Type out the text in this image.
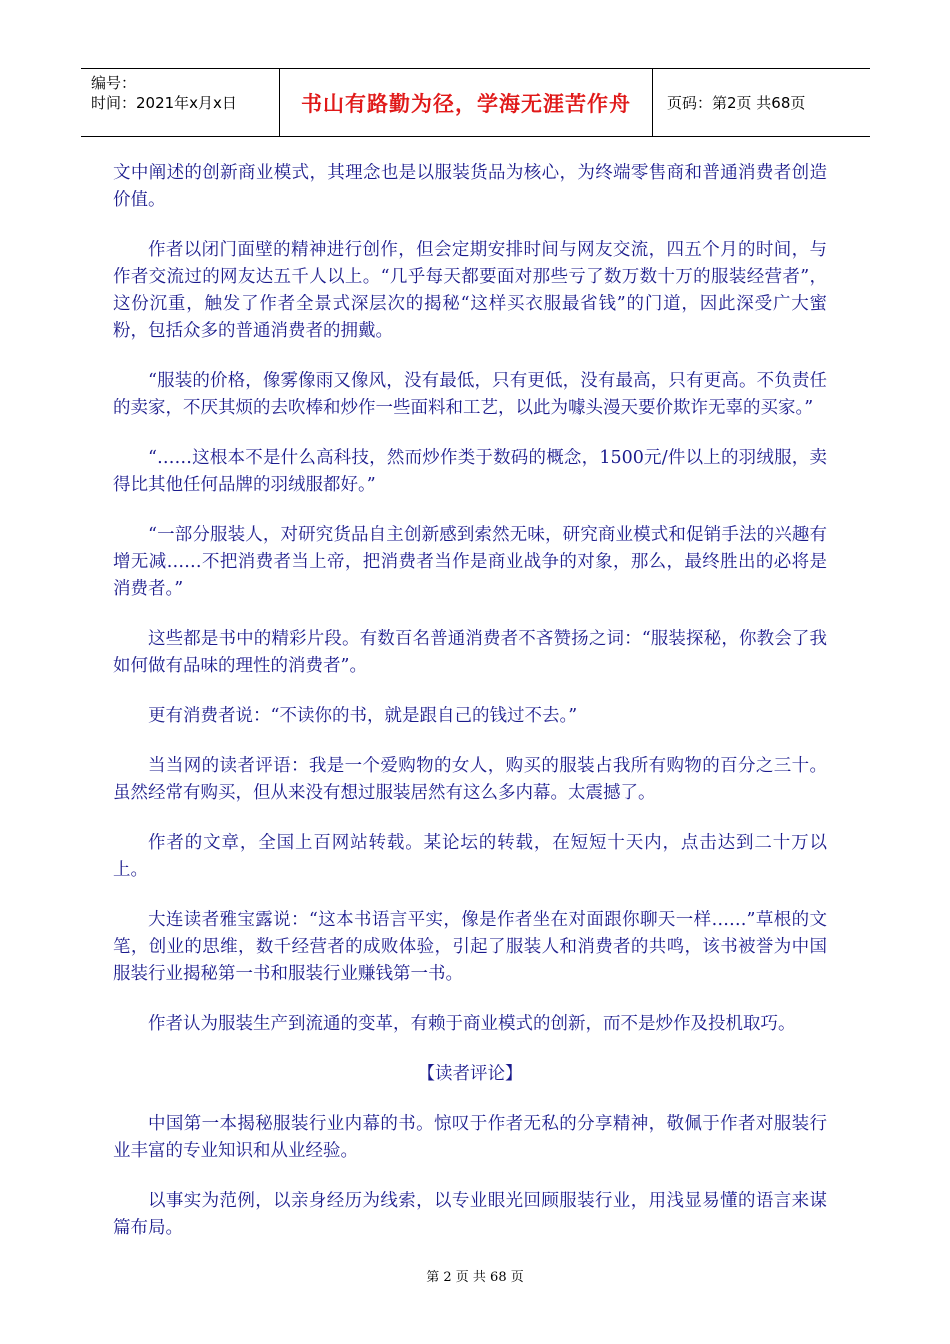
编号：
时间：2021年x月x日	书山有路勤为径，学海无涯苦作舟	页码：第2页 共68页

文中阐述的创新商业模式，其理念也是以服装货品为核心，为终端零售商和普通消费者创造价值。

作者以闭门面壁的精神进行创作，但会定期安排时间与网友交流，四五个月的时间，与作者交流过的网友达五千人以上。“几乎每天都要面对那些亏了数万数十万的服装经营者”，这份沉重，触发了作者全景式深层次的揭秘“这样买衣服最省钱”的门道，因此深受广大蜜粉，包括众多的普通消费者的拥戴。

“服装的价格，像雾像雨又像风，没有最低，只有更低，没有最高，只有更高。不负责任的卖家，不厌其烦的去吹棒和炒作一些面料和工艺，以此为噱头漫天要价欺诈无辜的买家。”

“……这根本不是什么高科技，然而炒作类于数码的概念，1500元/件以上的羽绒服，卖得比其他任何品牌的羽绒服都好。”

“一部分服装人，对研究货品自主创新感到索然无味，研究商业模式和促销手法的兴趣有增无减……不把消费者当上帝，把消费者当作是商业战争的对象，那么，最终胜出的必将是消费者。”

这些都是书中的精彩片段。有数百名普通消费者不吝赞扬之词：“服装探秘，你教会了我如何做有品味的理性的消费者”。

更有消费者说：“不读你的书，就是跟自己的钱过不去。”

当当网的读者评语：我是一个爱购物的女人，购买的服装占我所有购物的百分之三十。虽然经常有购买，但从来没有想过服装居然有这么多内幕。太震撼了。

作者的文章，全国上百网站转载。某论坛的转载，在短短十天内，点击达到二十万以上。

大连读者雅宝露说：“这本书语言平实，像是作者坐在对面跟你聊天一样……”草根的文笔，创业的思维，数千经营者的成败体验，引起了服装人和消费者的共鸣，该书被誉为中国服装行业揭秘第一书和服装行业赚钱第一书。

作者认为服装生产到流通的变革，有赖于商业模式的创新，而不是炒作及投机取巧。

【读者评论】

中国第一本揭秘服装行业内幕的书。惊叹于作者无私的分享精神，敬佩于作者对服装行业丰富的专业知识和从业经验。

以事实为范例，以亲身经历为线索，以专业眼光回顾服装行业，用浅显易懂的语言来谋篇布局。

第 2 页 共 68 页
